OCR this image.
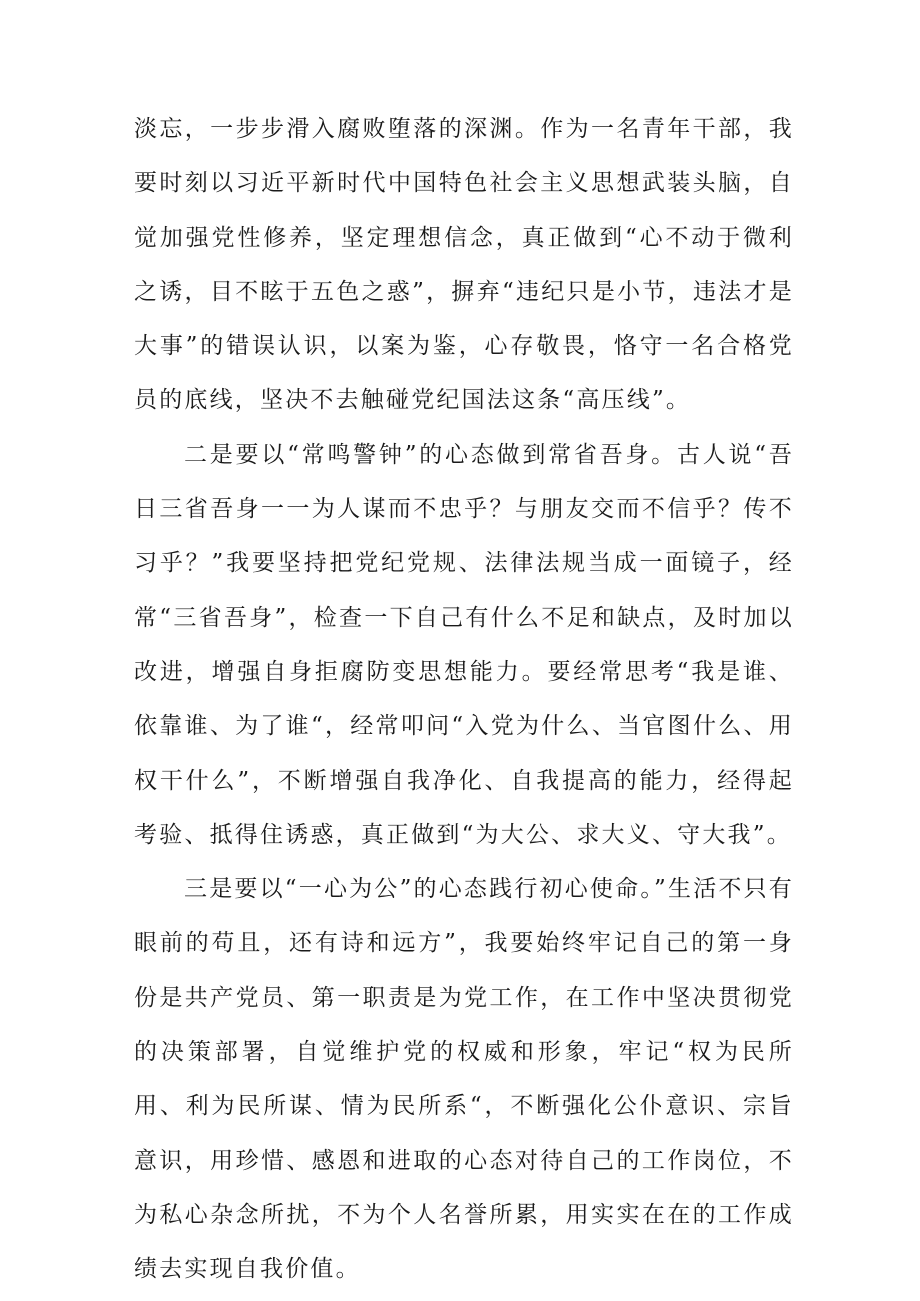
淡忘，一步步滑入腐败堕落的深渊。作为一名青年干部，我要时刻以习近平新时代中国特色社会主义思想武装头脑，自觉加强党性修养，坚定理想信念，真正做到“心不动于微利之诱，目不眩于五色之惑”，摒弃“违纪只是小节，违法才是大事”的错误认识，以案为鉴，心存敬畏，恪守一名合格党员的底线，坚决不去触碰党纪国法这条“高压线”。

二是要以“常鸣警钟”的心态做到常省吾身。古人说“吾日三省吾身一一为人谋而不忠乎？与朋友交而不信乎？传不习乎？”我要坚持把党纪党规、法律法规当成一面镜子，经常“三省吾身”，检查一下自己有什么不足和缺点，及时加以改进，增强自身拒腐防变思想能力。要经常思考“我是谁、依靠谁、为了谁“，经常叩问“入党为什么、当官图什么、用权干什么”，不断增强自我净化、自我提高的能力，经得起考验、抵得住诱惑，真正做到“为大公、求大义、守大我”。

三是要以“一心为公”的心态践行初心使命。”生活不只有眼前的苟且，还有诗和远方”，我要始终牢记自己的第一身份是共产党员、第一职责是为党工作，在工作中坚决贯彻党的决策部署，自觉维护党的权威和形象，牢记“权为民所用、利为民所谋、情为民所系“，不断强化公仆意识、宗旨意识，用珍惜、感恩和进取的心态对待自己的工作岗位，不为私心杂念所扰，不为个人名誉所累，用实实在在的工作成绩去实现自我价值。
